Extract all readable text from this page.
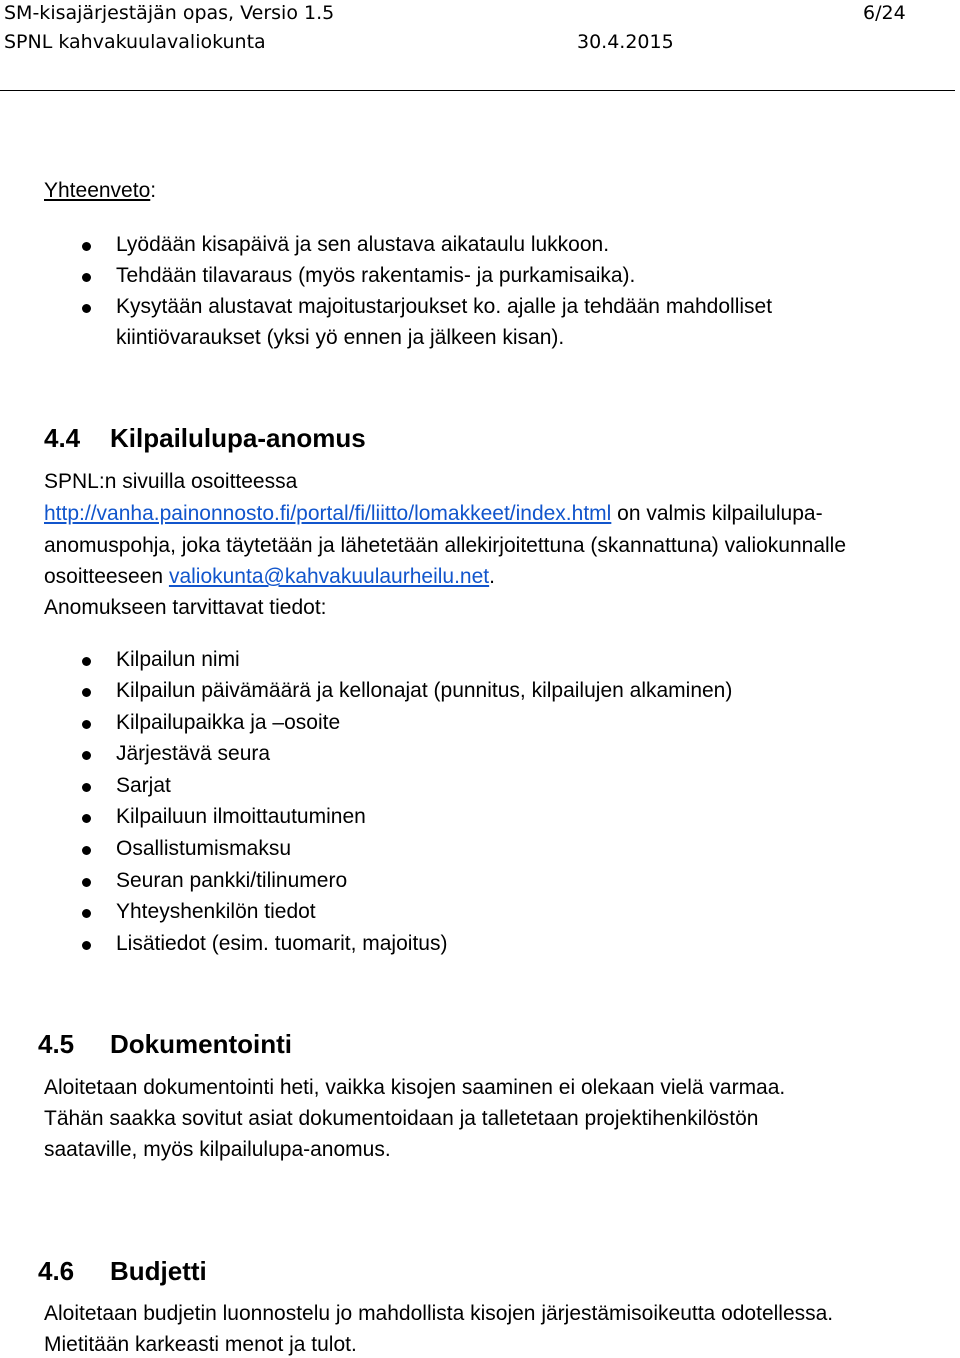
SM-kisajärjestäjän opas, Versio 1.5	6/24
SPNL kahvakuulavaliokunta	30.4.2015
Yhteenveto:
Lyödään kisapäivä ja sen alustava aikataulu lukkoon.
Tehdään tilavaraus (myös rakentamis- ja purkamisaika).
Kysytään alustavat majoitustarjoukset ko. ajalle ja tehdään mahdolliset
kiintiövaraukset (yksi yö ennen ja jälkeen kisan).
4.4 Kilpailulupa-anomus
SPNL:n sivuilla osoitteessa
http://vanha.painonnosto.fi/portal/fi/liitto/lomakkeet/index.html on valmis kilpailulupa-
anomuspohja, joka täytetään ja lähetetään allekirjoitettuna (skannattuna) valiokunnalle
osoitteeseen valiokunta@kahvakuulaurheilu.net.
Anomukseen tarvittavat tiedot:
Kilpailun nimi
Kilpailun päivämäärä ja kellonajat (punnitus, kilpailujen alkaminen)
Kilpailupaikka ja –osoite
Järjestävä seura
Sarjat
Kilpailuun ilmoittautuminen
Osallistumismaksu
Seuran pankki/tilinumero
Yhteyshenkilön tiedot
Lisätiedot (esim. tuomarit, majoitus)
4.5 Dokumentointi
Aloitetaan dokumentointi heti, vaikka kisojen saaminen ei olekaan vielä varmaa.
Tähän saakka sovitut asiat dokumentoidaan ja talletetaan projektihenkilöstön
saataville, myös kilpailulupa-anomus.
4.6 Budjetti
Aloitetaan budjetin luonnostelu jo mahdollista kisojen järjestämisoikeutta odotellessa.
Mietitään karkeasti menot ja tulot.
